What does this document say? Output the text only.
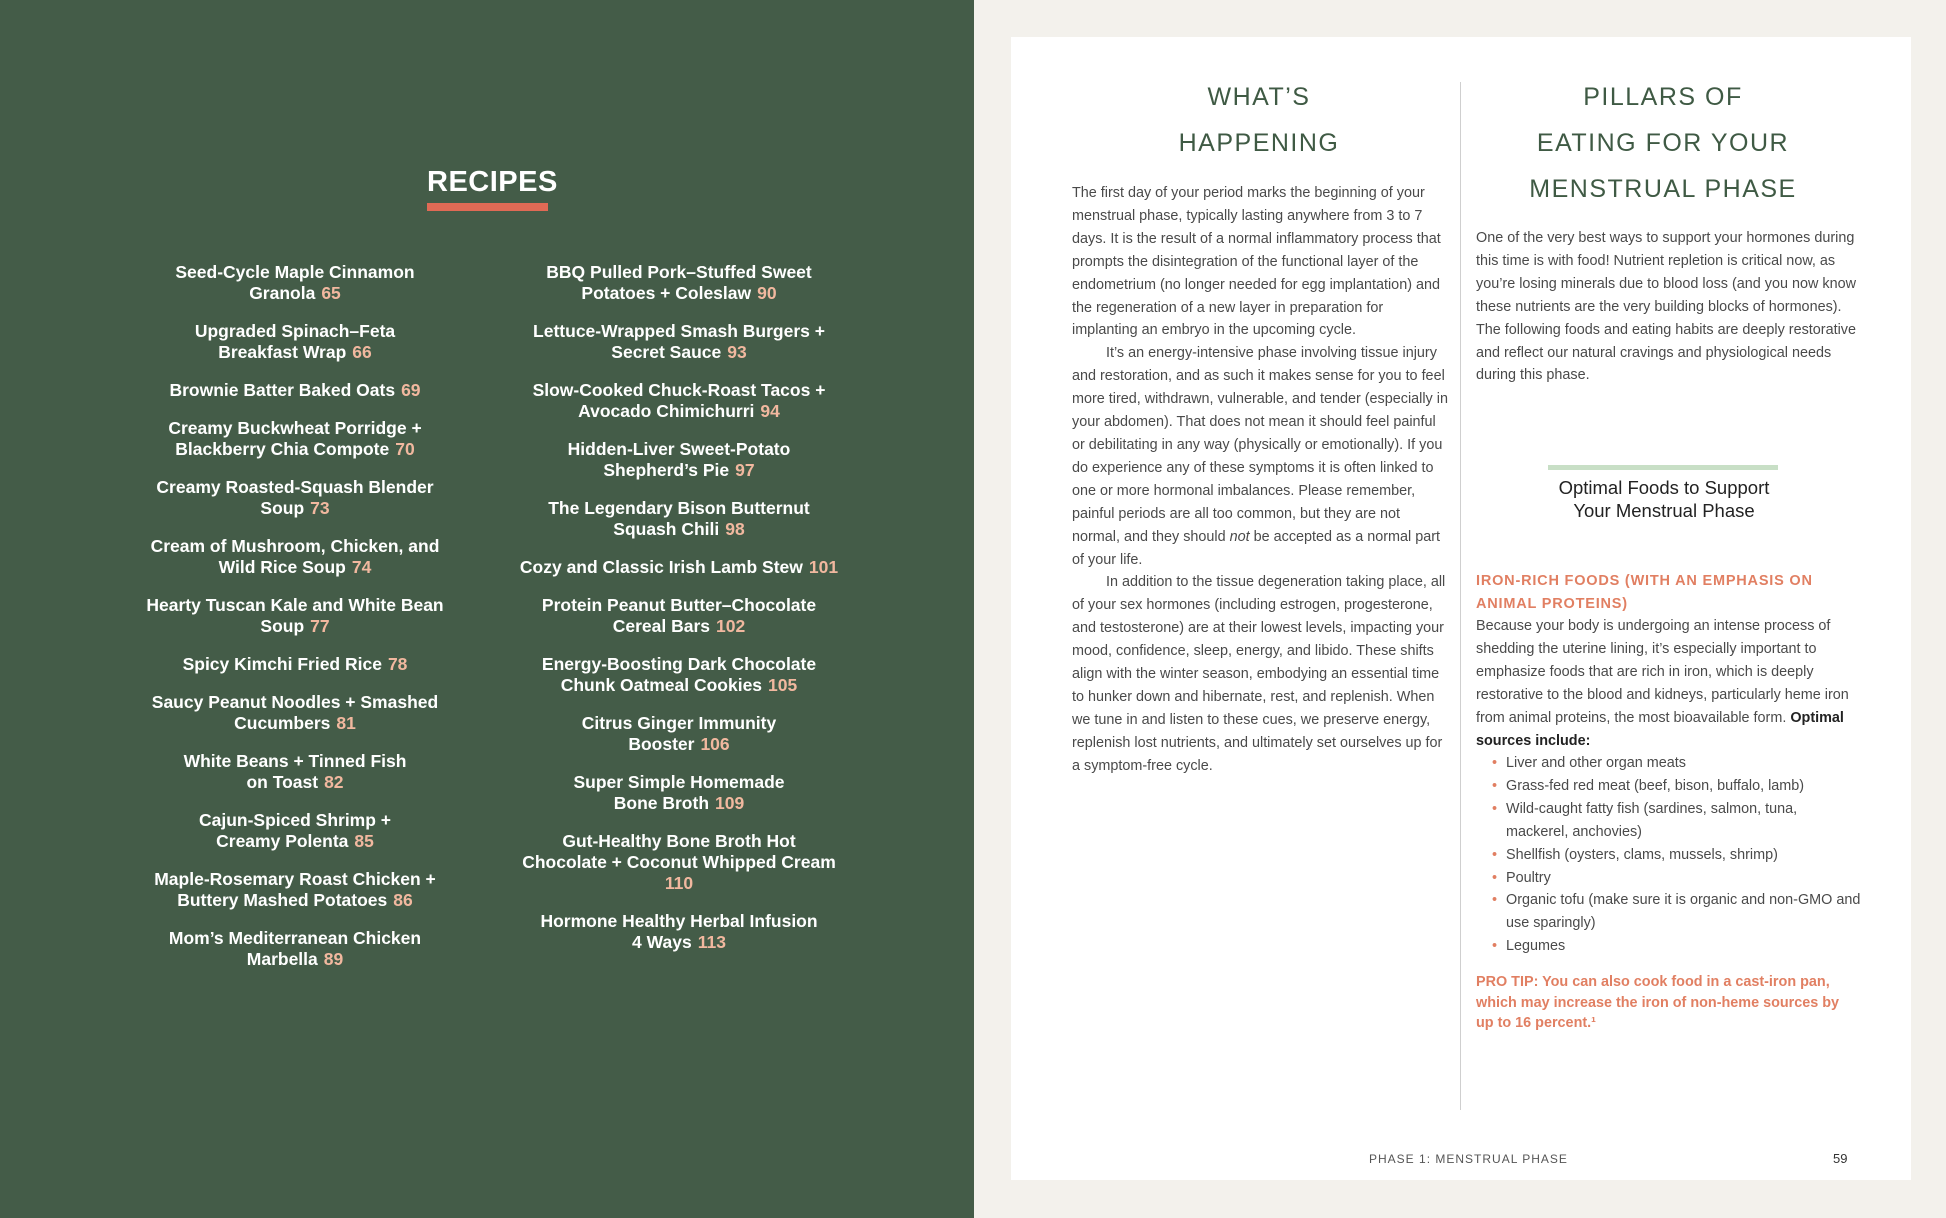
RECIPES
Seed-Cycle Maple Cinnamon
Granola 65
Upgraded Spinach–Feta
Breakfast Wrap 66
Brownie Batter Baked Oats 69
Creamy Buckwheat Porridge +
Blackberry Chia Compote 70
Creamy Roasted-Squash Blender
Soup 73
Cream of Mushroom, Chicken, and
Wild Rice Soup 74
Hearty Tuscan Kale and White Bean
Soup 77
Spicy Kimchi Fried Rice 78
Saucy Peanut Noodles + Smashed
Cucumbers 81
White Beans + Tinned Fish
on Toast 82
Cajun-Spiced Shrimp +
Creamy Polenta 85
Maple-Rosemary Roast Chicken +
Buttery Mashed Potatoes 86
Mom’s Mediterranean Chicken
Marbella 89
BBQ Pulled Pork–Stuffed Sweet
Potatoes + Coleslaw 90
Lettuce-Wrapped Smash Burgers +
Secret Sauce 93
Slow-Cooked Chuck-Roast Tacos +
Avocado Chimichurri 94
Hidden-Liver Sweet-Potato
Shepherd’s Pie 97
The Legendary Bison Butternut
Squash Chili 98
Cozy and Classic Irish Lamb Stew 101
Protein Peanut Butter–Chocolate
Cereal Bars 102
Energy-Boosting Dark Chocolate
Chunk Oatmeal Cookies 105
Citrus Ginger Immunity
Booster 106
Super Simple Homemade
Bone Broth 109
Gut-Healthy Bone Broth Hot
Chocolate + Coconut Whipped Cream
110
Hormone Healthy Herbal Infusion
4 Ways 113
WHAT’S
HAPPENING

The first day of your period marks the beginning of your menstrual phase, typically lasting anywhere from 3 to 7 days. It is the result of a normal inflammatory process that prompts the disintegration of the functional layer of the endometrium (no longer needed for egg implantation) and the regeneration of a new layer in preparation for implanting an embryo in the upcoming cycle.

It’s an energy-intensive phase involving tissue injury and restoration, and as such it makes sense for you to feel more tired, withdrawn, vulnerable, and tender (especially in your abdomen). That does not mean it should feel painful or debilitating in any way (physically or emotionally). If you do experience any of these symptoms it is often linked to one or more hormonal imbalances. Please remember, painful periods are all too common, but they are not normal, and they should not be accepted as a normal part of your life.

In addition to the tissue degeneration taking place, all of your sex hormones (including estrogen, progesterone, and testosterone) are at their lowest levels, impacting your mood, confidence, sleep, energy, and libido. These shifts align with the winter season, embodying an essential time to hunker down and hibernate, rest, and replenish. When we tune in and listen to these cues, we preserve energy, replenish lost nutrients, and ultimately set ourselves up for a symptom-free cycle.

PILLARS OF
EATING FOR YOUR
MENSTRUAL PHASE
One of the very best ways to support your hormones during this time is with food! Nutrient repletion is critical now, as you’re losing minerals due to blood loss (and you now know these nutrients are the very building blocks of hormones). The following foods and eating habits are deeply restorative and reflect our natural cravings and physiological needs during this phase.
Optimal Foods to Support
Your Menstrual Phase
IRON-RICH FOODS (WITH AN EMPHASIS ON ANIMAL PROTEINS)
Because your body is undergoing an intense process of shedding the uterine lining, it’s especially important to emphasize foods that are rich in iron, which is deeply restorative to the blood and kidneys, particularly heme iron from animal proteins, the most bioavailable form. Optimal sources include:
• Liver and other organ meats
• Grass-fed red meat (beef, bison, buffalo, lamb)
• Wild-caught fatty fish (sardines, salmon, tuna, mackerel, anchovies)
• Shellfish (oysters, clams, mussels, shrimp)
• Poultry
• Organic tofu (make sure it is organic and non-GMO and use sparingly)
• Legumes
PRO TIP: You can also cook food in a cast-iron pan, which may increase the iron of non-heme sources by up to 16 percent.¹
PHASE 1: MENSTRUAL PHASE	59
